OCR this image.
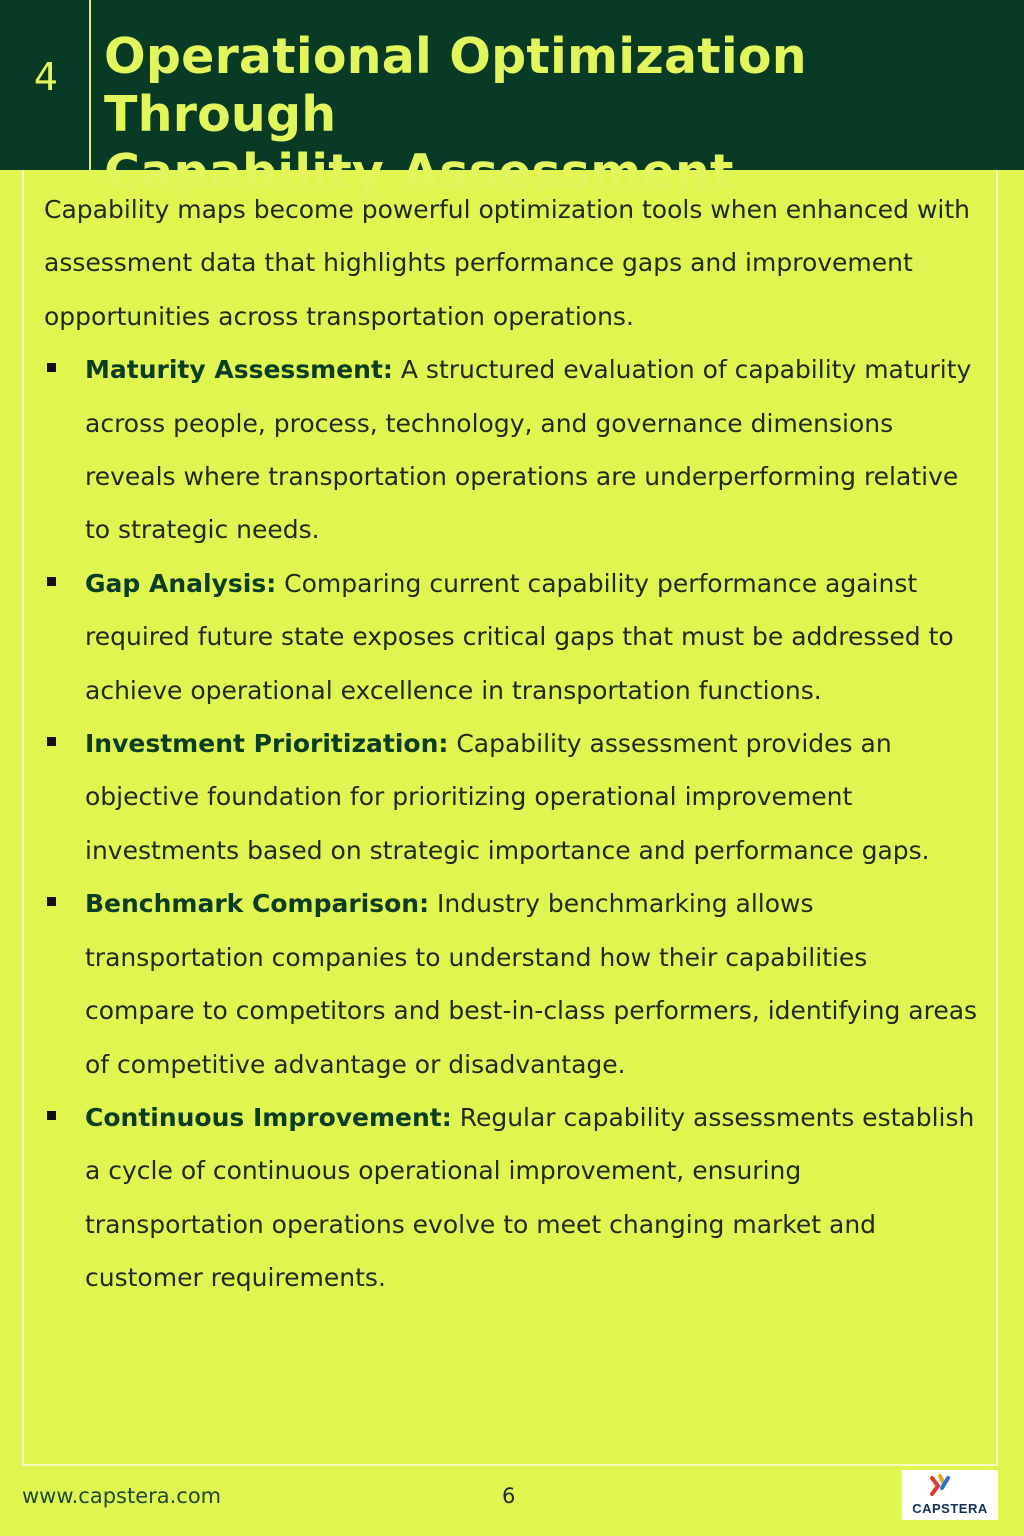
4 Operational Optimization Through
Capability Assessment

Capability maps become powerful optimization tools when enhanced with assessment data that highlights performance gaps and improvement opportunities across transportation operations.

Maturity Assessment: A structured evaluation of capability maturity across people, process, technology, and governance dimensions reveals where transportation operations are underperforming relative to strategic needs.
Gap Analysis: Comparing current capability performance against required future state exposes critical gaps that must be addressed to achieve operational excellence in transportation functions.
Investment Prioritization: Capability assessment provides an objective foundation for prioritizing operational improvement investments based on strategic importance and performance gaps.
Benchmark Comparison: Industry benchmarking allows transportation companies to understand how their capabilities compare to competitors and best-in-class performers, identifying areas of competitive advantage or disadvantage.
Continuous Improvement: Regular capability assessments establish a cycle of continuous operational improvement, ensuring transportation operations evolve to meet changing market and customer requirements.
www.capstera.com	6
CAPSTERA
